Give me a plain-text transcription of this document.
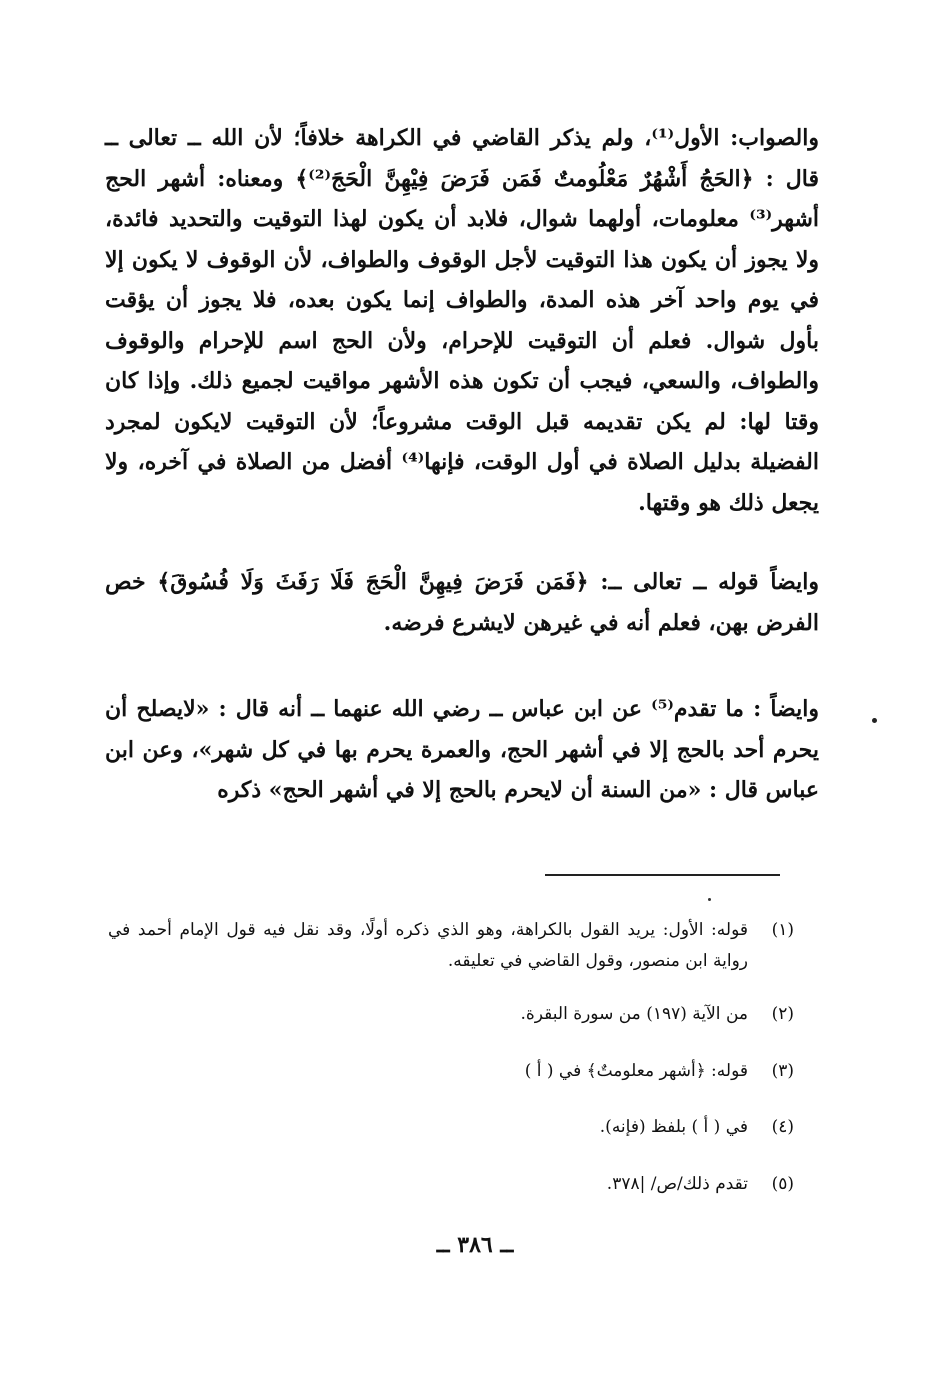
والصواب: الأول⁽¹⁾، ولم يذكر القاضي في الكراهة خلافاً؛ لأن الله ــ تعالى ــ قال : ﴿الحَجُ أَشْهُرٌ مَعْلُومتٌ فَمَن فَرَضَ فِيْهِنَّ الْحَجَ⁽²⁾﴾ ومعناه: أشهر الحج أشهر⁽³⁾ معلومات، أولهما شوال، فلابد أن يكون لهذا التوقيت والتحديد فائدة، ولا يجوز أن يكون هذا التوقيت لأجل الوقوف والطواف، لأن الوقوف لا يكون إلا في يوم واحد آخر هذه المدة، والطواف إنما يكون بعده، فلا يجوز أن يؤقت بأول شوال. فعلم أن التوقيت للإحرام، ولأن الحج اسم للإحرام والوقوف والطواف، والسعي، فيجب أن تكون هذه الأشهر مواقيت لجميع ذلك. وإذا كان وقتا لها: لم يكن تقديمه قبل الوقت مشروعاً؛ لأن التوقيت لايكون لمجرد الفضيلة بدليل الصلاة في أول الوقت، فإنها⁽⁴⁾ أفضل من الصلاة في آخره، ولا يجعل ذلك هو وقتها.

وايضاً قوله ــ تعالى ــ: ﴿فَمَن فَرَضَ فِيهِنَّ الْحَجَ فَلَا رَفَثَ وَلَا فُسُوقَ﴾ خص الفرض بهن، فعلم أنه في غيرهن لايشرع فرضه.

وايضاً : ما تقدم⁽⁵⁾ عن ابن عباس ــ رضي الله عنهما ــ أنه قال : «لايصلح أن يحرم أحد بالحج إلا في أشهر الحج، والعمرة يحرم بها في كل شهر»، وعن ابن عباس قال : «من السنة أن لايحرم بالحج إلا في أشهر الحج» ذكره

(١)
قوله: الأول: يريد القول بالكراهة، وهو الذي ذكره أولًا، وقد نقل فيه قول الإمام أحمد في رواية ابن منصور، وقول القاضي في تعليقه.
(٢)
من الآية (١٩٧) من سورة البقرة.
(٣)
قوله: ﴿أشهر معلومتٌ﴾ في ( أ )
(٤)
في ( أ ) بلفظ (فإنه).
(٥)
تقدم ذلك/ص/ |٣٧٨.
ــ ٣٨٦ ــ
